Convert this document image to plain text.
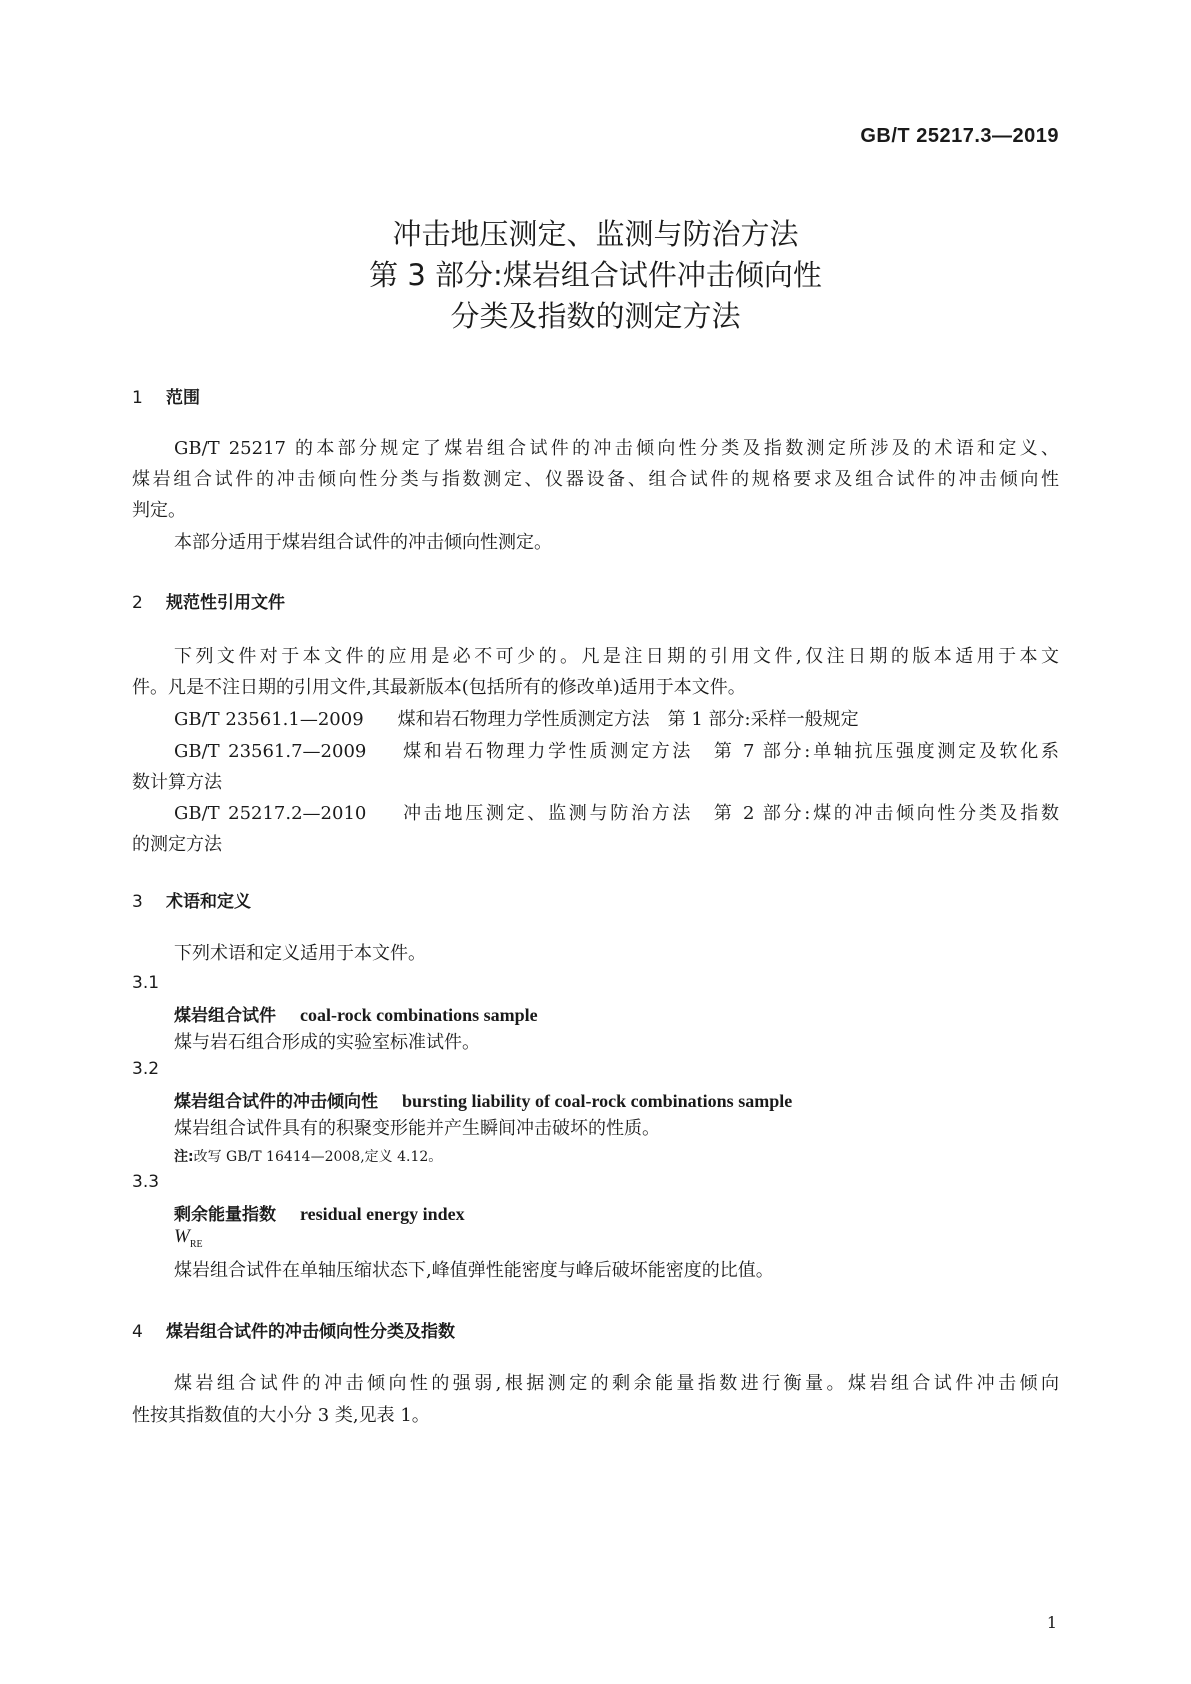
GB/T 25217.3—2019
冲击地压测定、监测与防治方法
第 3 部分:煤岩组合试件冲击倾向性
分类及指数的测定方法
1 范围
GB/T 25217 的本部分规定了煤岩组合试件的冲击倾向性分类及指数测定所涉及的术语和定义、
煤岩组合试件的冲击倾向性分类与指数测定、仪器设备、组合试件的规格要求及组合试件的冲击倾向性
判定。
本部分适用于煤岩组合试件的冲击倾向性测定。
2 规范性引用文件
下列文件对于本文件的应用是必不可少的。凡是注日期的引用文件,仅注日期的版本适用于本文
件。凡是不注日期的引用文件,其最新版本(包括所有的修改单)适用于本文件。
GB/T 23561.1—2009 煤和岩石物理力学性质测定方法　第 1 部分:采样一般规定
GB/T 23561.7—2009 煤和岩石物理力学性质测定方法　第 7 部分:单轴抗压强度测定及软化系
数计算方法
GB/T 25217.2—2010 冲击地压测定、监测与防治方法　第 2 部分:煤的冲击倾向性分类及指数
的测定方法
3 术语和定义
下列术语和定义适用于本文件。
3.1
煤岩组合试件 coal-rock combinations sample
煤与岩石组合形成的实验室标准试件。
3.2
煤岩组合试件的冲击倾向性 bursting liability of coal-rock combinations sample
煤岩组合试件具有的积聚变形能并产生瞬间冲击破坏的性质。
注:改写 GB/T 16414—2008,定义 4.12。
3.3
剩余能量指数 residual energy index
$W_{RE}$
煤岩组合试件在单轴压缩状态下,峰值弹性能密度与峰后破坏能密度的比值。
4 煤岩组合试件的冲击倾向性分类及指数
煤岩组合试件的冲击倾向性的强弱,根据测定的剩余能量指数进行衡量。煤岩组合试件冲击倾向
性按其指数值的大小分 3 类,见表 1。
1
